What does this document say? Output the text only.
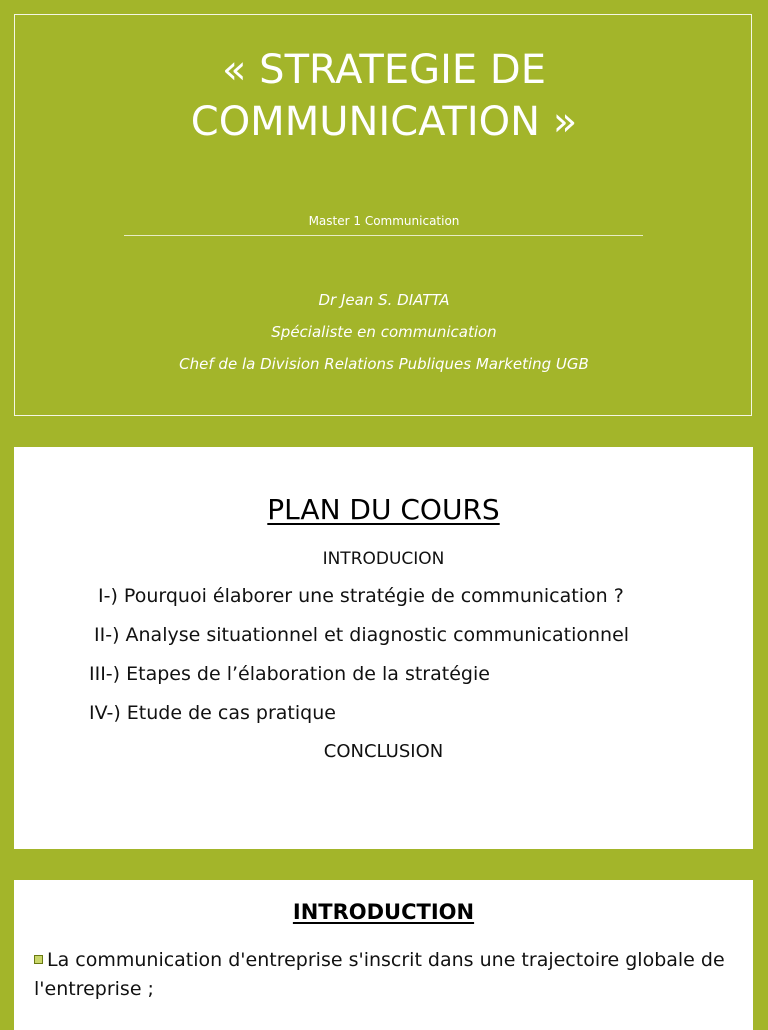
« STRATEGIE DE
COMMUNICATION »
Master 1 Communication
Dr Jean S. DIATTA
Spécialiste en communication
Chef de la Division Relations Publiques Marketing UGB
PLAN DU COURS
INTRODUCION
I-) Pourquoi élaborer une stratégie de communication ?
II-) Analyse situationnel et diagnostic communicationnel
III-) Etapes de l’élaboration de la stratégie
IV-) Etude de cas pratique
CONCLUSION
INTRODUCTION
La communication d'entreprise s'inscrit dans une trajectoire globale de l'entreprise ;
